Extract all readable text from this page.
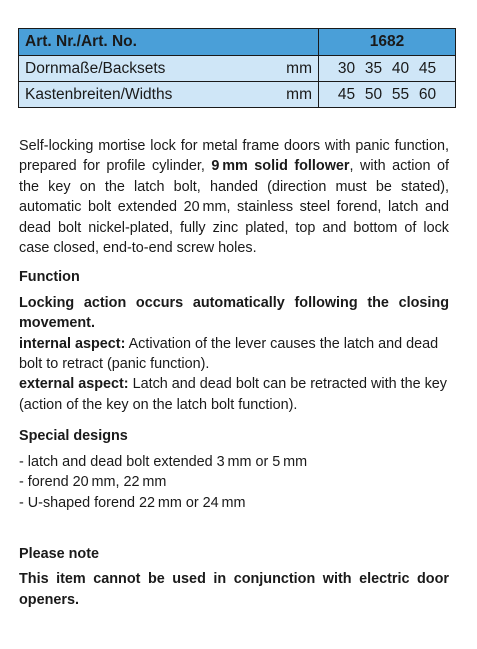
Art. Nr./Art. No.		1682
Dornmaße/Backsets	mm	30 35 40 45
Kastenbreiten/Widths	mm	45 50 55 60

Self-locking mortise lock for metal frame doors with panic function, prepared for profile cylinder, 9 mm solid follower, with action of the key on the latch bolt, handed (direction must be stated), automatic bolt extended 20 mm, stainless steel forend, latch and dead bolt nickel-plated, fully zinc plated, top and bottom of lock case closed, end-to-end screw holes.

Function

Locking action occurs automatically following the closing movement.

internal aspect: Activation of the lever causes the latch and dead bolt to retract (panic function).

external aspect: Latch and dead bolt can be retracted with the key (action of the key on the latch bolt function).

Special designs

- latch and dead bolt extended 3 mm or 5 mm

- forend 20 mm, 22 mm

- U-shaped forend 22 mm or 24 mm

Please note

This item cannot be used in conjunction with electric door openers.
